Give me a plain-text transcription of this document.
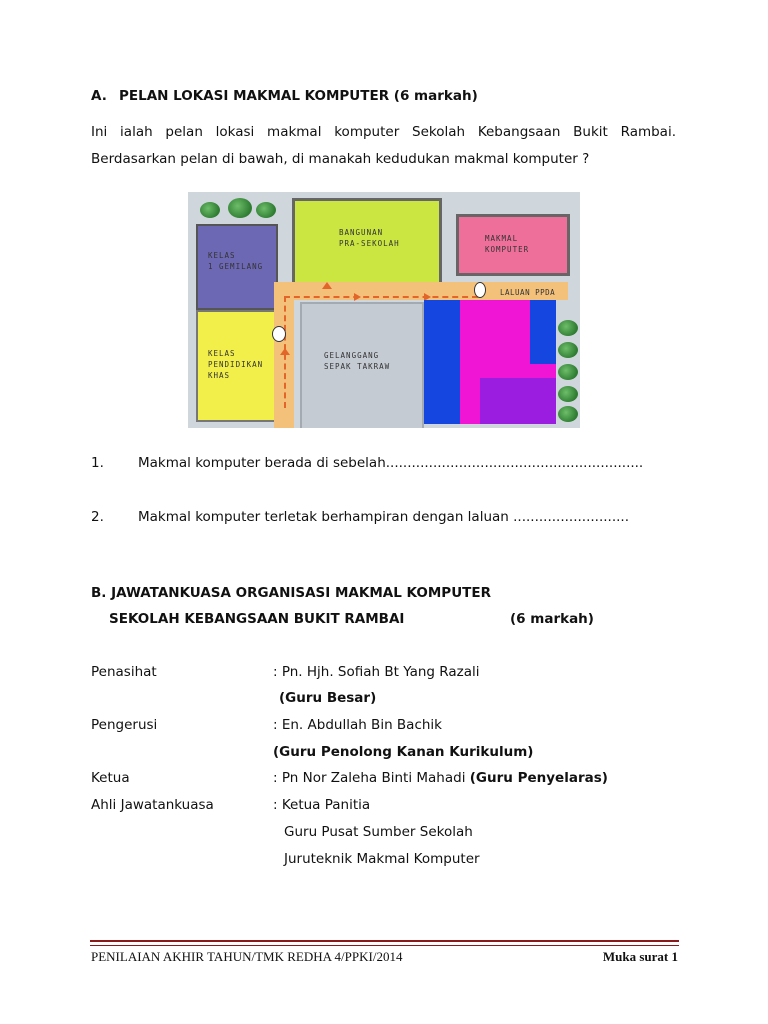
A. PELAN LOKASI MAKMAL KOMPUTER (6 markah)
Ini ialah pelan lokasi makmal komputer Sekolah Kebangsaan Bukit Rambai.
Berdasarkan pelan di bawah, di manakah kedudukan makmal komputer ?
KELAS
1 GEMILANG
KELAS
PENDIDIKAN
KHAS
BANGUNAN
PRA-SEKOLAH
MAKMAL
KOMPUTER
LALUAN PPDA
GELANGGANG
SEPAK TAKRAW
1.	Makmal komputer berada di sebelah............................................................
2.	Makmal komputer terletak berhampiran dengan laluan ...........................
B. JAWATANKUASA ORGANISASI MAKMAL KOMPUTER
SEKOLAH KEBANGSAAN BUKIT RAMBAI	(6 markah)
Penasihat	: Pn. Hjh. Sofiah Bt Yang Razali
(Guru Besar)
Pengerusi	: En. Abdullah Bin Bachik
(Guru Penolong Kanan Kurikulum)
Ketua	: Pn Nor Zaleha Binti Mahadi (Guru Penyelaras)
Ahli Jawatankuasa	: Ketua Panitia
Guru Pusat Sumber Sekolah
Juruteknik Makmal Komputer
PENILAIAN AKHIR TAHUN/TMK REDHA 4/PPKI/2014	Muka surat 1
